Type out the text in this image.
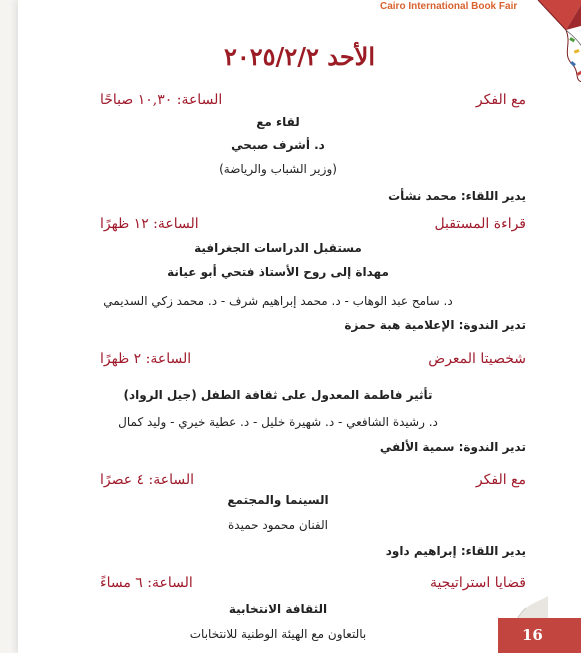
Cairo International Book Fair
الأحد ٢٠٢٥/٢/٢
مع الفكر
الساعة: ١٠,٣٠ صباحًا
لقاء مع
د. أشرف صبحي
(وزير الشباب والرياضة)
يدير اللقاء: محمد نشأت
قراءة المستقبل
الساعة: ١٢ ظهرًا
مستقبل الدراسات الجغرافية
مهداة إلى روح الأستاذ فتحي أبو عيانة
د. سامح عبد الوهاب - د. محمد إبراهيم شرف - د. محمد زكي السديمي
تدير الندوة: الإعلامية هبة حمزة
شخصيتا المعرض
الساعة: ٢ ظهرًا
تأثير فاطمة المعدول على ثقافة الطفل (جيل الرواد)
د. رشيدة الشافعي - د. شهيرة خليل - د. عطية خيري - وليد كمال
تدير الندوة: سمية الألفي
مع الفكر
الساعة: ٤ عصرًا
السينما والمجتمع
الفنان محمود حميدة
يدير اللقاء: إبراهيم داود
قضايا استراتيجية
الساعة: ٦ مساءً
الثقافة الانتخابية
بالتعاون مع الهيئة الوطنية للانتخابات	16
